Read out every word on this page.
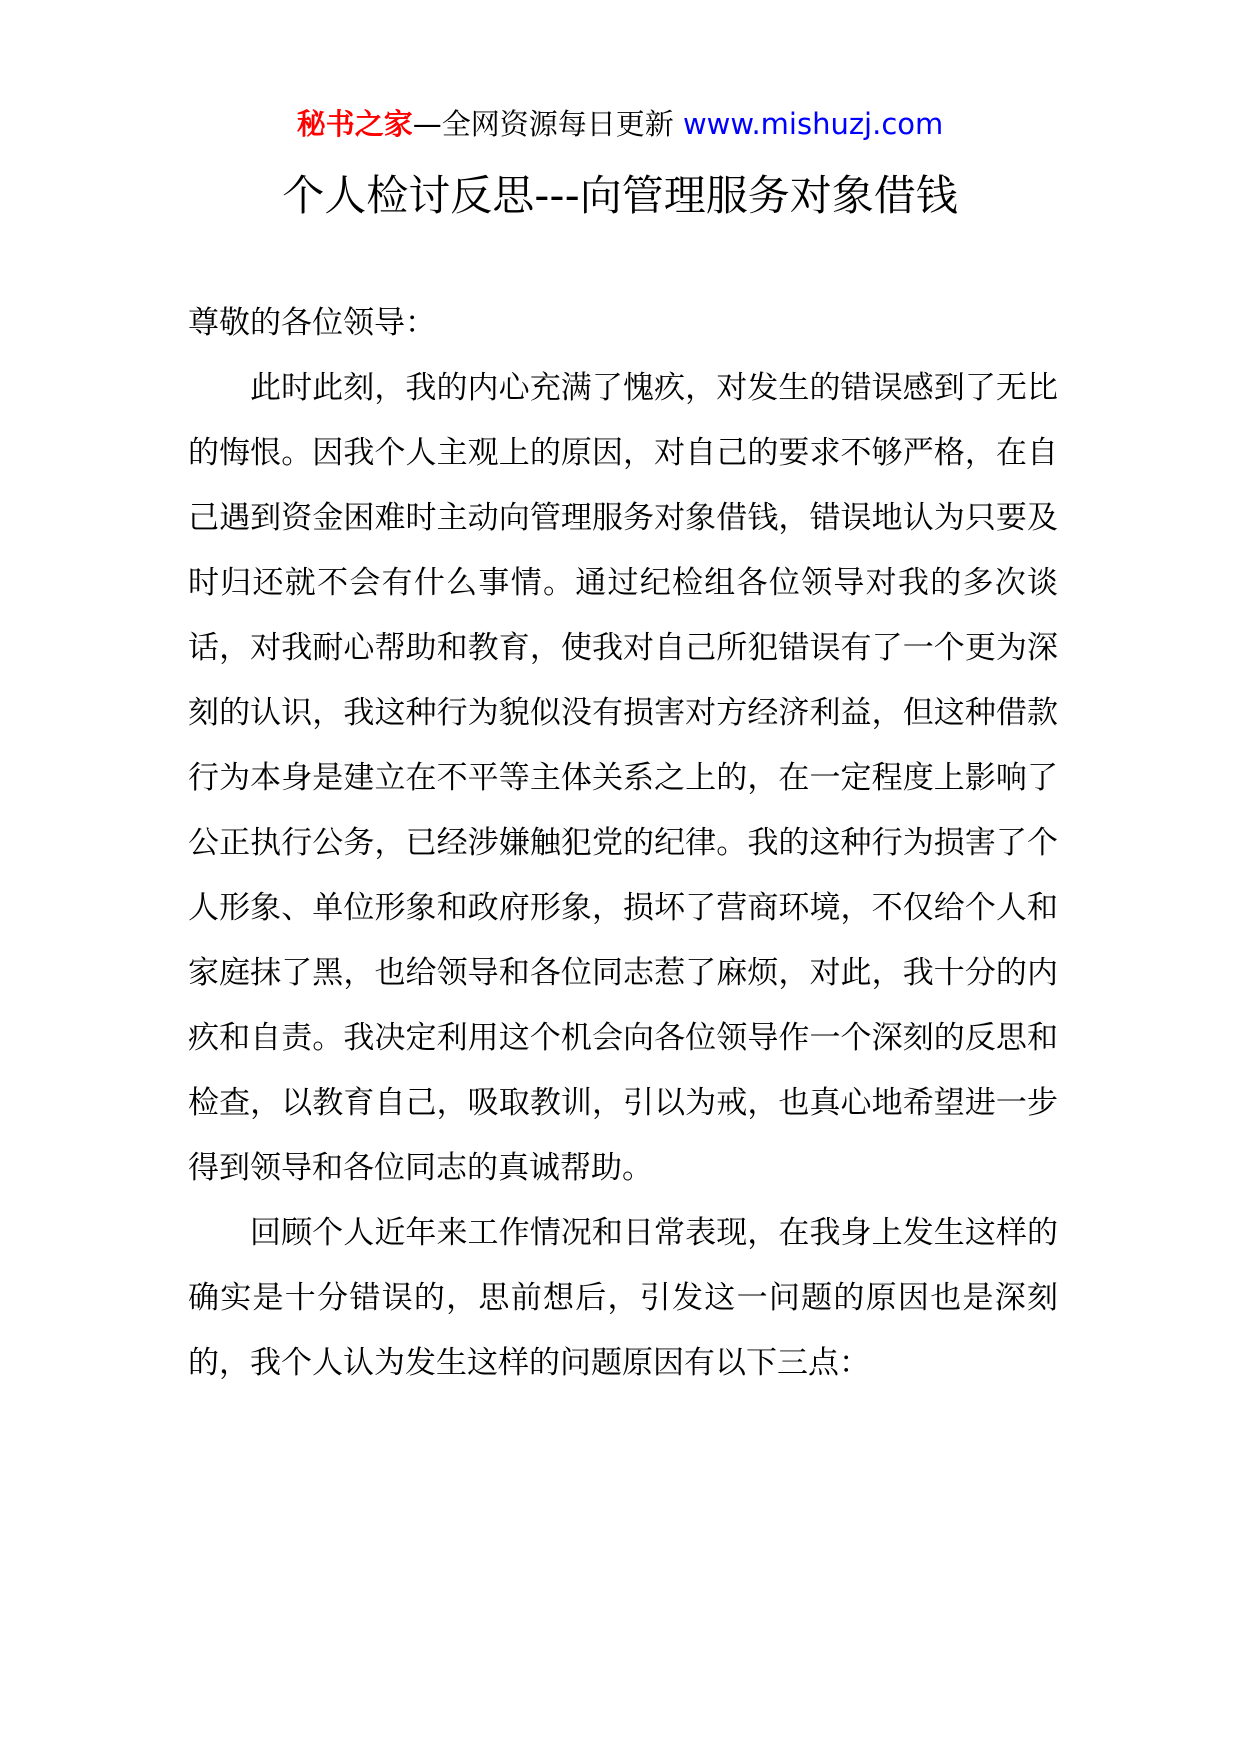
秘书之家—全网资源每日更新 www.mishuzj.com
个人检讨反思---向管理服务对象借钱

尊敬的各位领导：

此时此刻，我的内心充满了愧疚，对发生的错误感到了无比的悔恨。因我个人主观上的原因，对自己的要求不够严格，在自己遇到资金困难时主动向管理服务对象借钱，错误地认为只要及时归还就不会有什么事情。通过纪检组各位领导对我的多次谈话，对我耐心帮助和教育，使我对自己所犯错误有了一个更为深刻的认识，我这种行为貌似没有损害对方经济利益，但这种借款行为本身是建立在不平等主体关系之上的，在一定程度上影响了公正执行公务，已经涉嫌触犯党的纪律。我的这种行为损害了个人形象、单位形象和政府形象，损坏了营商环境，不仅给个人和家庭抹了黑，也给领导和各位同志惹了麻烦，对此，我十分的内疚和自责。我决定利用这个机会向各位领导作一个深刻的反思和检查，以教育自己，吸取教训，引以为戒，也真心地希望进一步得到领导和各位同志的真诚帮助。

回顾个人近年来工作情况和日常表现，在我身上发生这样的确实是十分错误的，思前想后，引发这一问题的原因也是深刻的，我个人认为发生这样的问题原因有以下三点：
